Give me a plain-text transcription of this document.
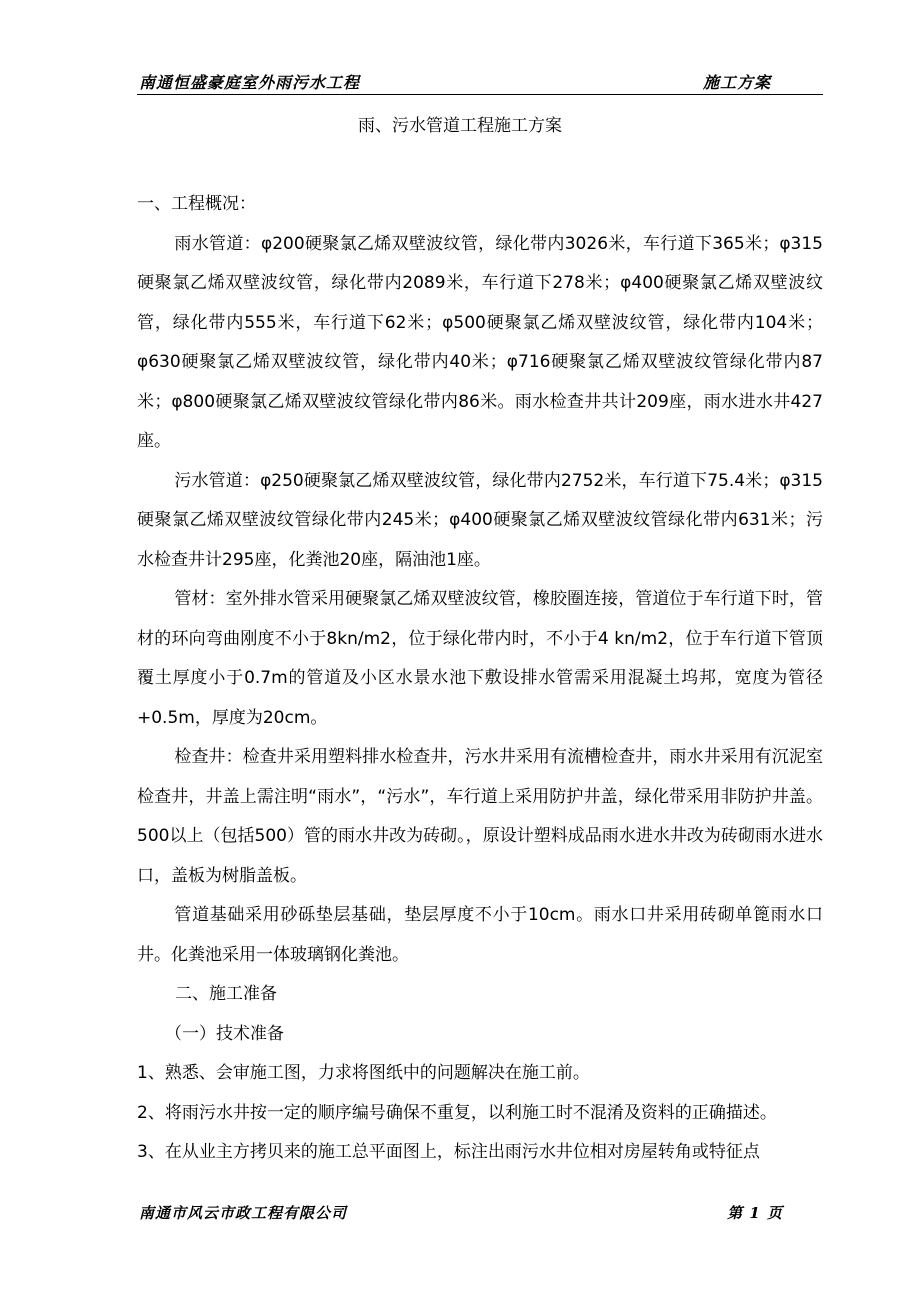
南通恒盛豪庭室外雨污水工程	施工方案
雨、污水管道工程施工方案

一、工程概况：

雨水管道：φ200硬聚氯乙烯双壁波纹管，绿化带内3026米，车行道下365米；φ315硬聚氯乙烯双壁波纹管，绿化带内2089米，车行道下278米；φ400硬聚氯乙烯双壁波纹管，绿化带内555米，车行道下62米；φ500硬聚氯乙烯双壁波纹管，绿化带内104米；φ630硬聚氯乙烯双壁波纹管，绿化带内40米；φ716硬聚氯乙烯双壁波纹管绿化带内87米；φ800硬聚氯乙烯双壁波纹管绿化带内86米。雨水检查井共计209座，雨水进水井427座。

污水管道：φ250硬聚氯乙烯双壁波纹管，绿化带内2752米，车行道下75.4米；φ315硬聚氯乙烯双壁波纹管绿化带内245米；φ400硬聚氯乙烯双壁波纹管绿化带内631米；污水检查井计295座，化粪池20座，隔油池1座。

管材：室外排水管采用硬聚氯乙烯双壁波纹管，橡胶圈连接，管道位于车行道下时，管材的环向弯曲刚度不小于8kn/m2，位于绿化带内时，不小于4 kn/m2，位于车行道下管顶覆土厚度小于0.7m的管道及小区水景水池下敷设排水管需采用混凝土坞邦，宽度为管径+0.5m，厚度为20cm。

检查井：检查井采用塑料排水检查井，污水井采用有流槽检查井，雨水井采用有沉泥室检查井，井盖上需注明“雨水”，“污水”，车行道上采用防护井盖，绿化带采用非防护井盖。500以上（包括500）管的雨水井改为砖砌。，原设计塑料成品雨水进水井改为砖砌雨水进水口，盖板为树脂盖板。

管道基础采用砂砾垫层基础，垫层厚度不小于10cm。雨水口井采用砖砌单篦雨水口井。化粪池采用一体玻璃钢化粪池。

二、施工准备

（一）技术准备

1、熟悉、会审施工图，力求将图纸中的问题解决在施工前。

2、将雨污水井按一定的顺序编号确保不重复，以利施工时不混淆及资料的正确描述。

3、在从业主方拷贝来的施工总平面图上，标注出雨污水井位相对房屋转角或特征点

南通市风云市政工程有限公司	第 1 页
